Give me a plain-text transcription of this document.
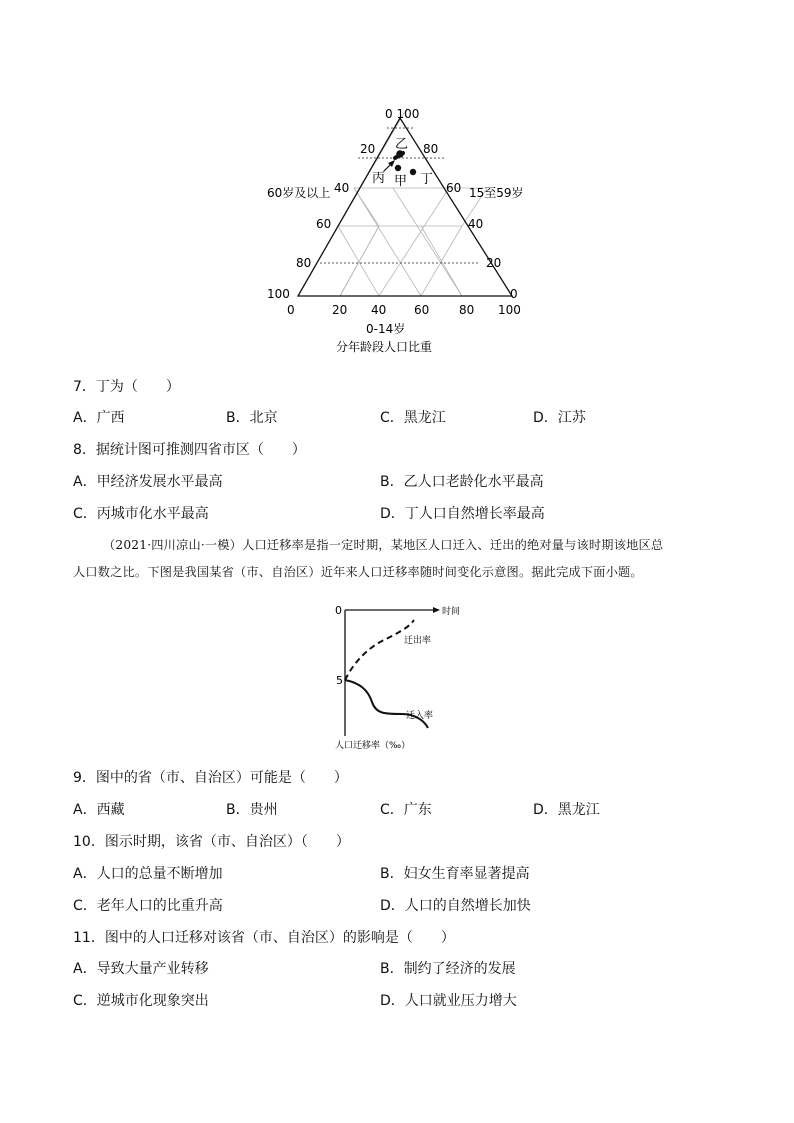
0 100
20
40
60
80
100
80
60
40
20
0
0	20 40 60 80 100
60岁及以上	15至59岁
0-14岁
分年龄段人口比重
乙
丙 甲 丁
7．丁为（　　）
A．广西	B．北京	C．黑龙江	D．江苏
8．据统计图可推测四省市区（　　）
A．甲经济发展水平最高	B．乙人口老龄化水平最高
C．丙城市化水平最高	D．丁人口自然增长率最高

（2021·四川凉山·一模）人口迁移率是指一定时期，某地区人口迁入、迁出的绝对量与该时期该地区总

人口数之比。下图是我国某省（市、自治区）近年来人口迁移率随时间变化示意图。据此完成下面小题。

0	时间
5
迁出率
迁入率
人口迁移率（‰）
9．图中的省（市、自治区）可能是（　　）
A．西藏	B．贵州	C．广东	D．黑龙江
10．图示时期，该省（市、自治区）（　　）
A．人口的总量不断增加	B．妇女生育率显著提高
C．老年人口的比重升高	D．人口的自然增长加快
11．图中的人口迁移对该省（市、自治区）的影响是（　　）
A．导致大量产业转移	B．制约了经济的发展
C．逆城市化现象突出	D．人口就业压力增大
